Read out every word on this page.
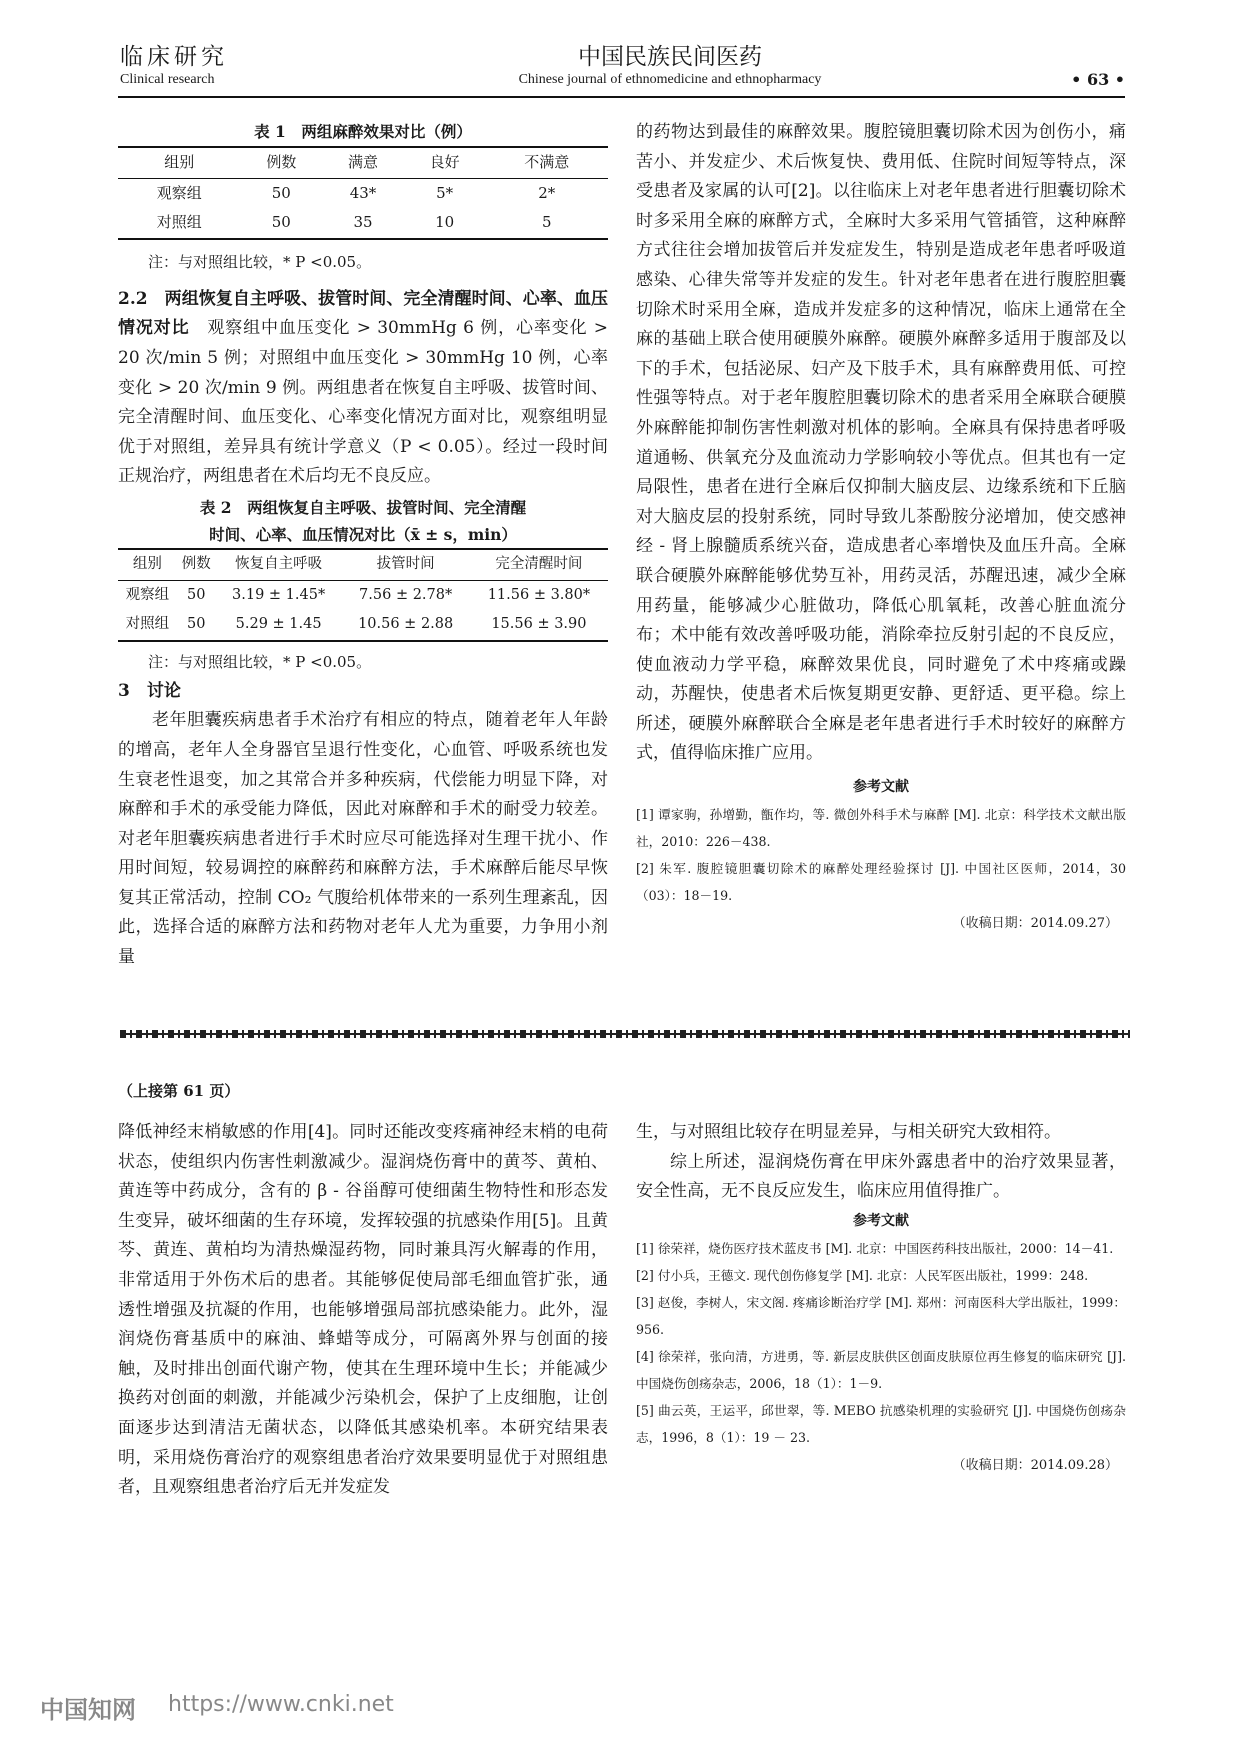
临床研究
Clinical research
中国民族民间医药
Chinese journal of ethnomedicine and ethnopharmacy	• 63 •
表 1　两组麻醉效果对比（例）
组别	例数	满意	良好	不满意
观察组	50	43*	5*	2*
对照组	50	35	10	5
注：与对照组比较，* P <0.05。

2.2　两组恢复自主呼吸、拔管时间、完全清醒时间、心率、血压情况对比　观察组中血压变化 > 30mmHg 6 例，心率变化 > 20 次/min 5 例；对照组中血压变化 > 30mmHg 10 例，心率变化 > 20 次/min 9 例。两组患者在恢复自主呼吸、拔管时间、完全清醒时间、血压变化、心率变化情况方面对比，观察组明显优于对照组，差异具有统计学意义（P < 0.05）。经过一段时间正规治疗，两组患者在术后均无不良反应。

表 2　两组恢复自主呼吸、拔管时间、完全清醒
时间、心率、血压情况对比（x̄ ± s，min）
组别	例数	恢复自主呼吸	拔管时间	完全清醒时间
观察组	50	3.19 ± 1.45*	7.56 ± 2.78*	11.56 ± 3.80*
对照组	50	5.29 ± 1.45	10.56 ± 2.88	15.56 ± 3.90
注：与对照组比较，* P <0.05。

3　讨论

老年胆囊疾病患者手术治疗有相应的特点，随着老年人年龄的增高，老年人全身器官呈退行性变化，心血管、呼吸系统也发生衰老性退变，加之其常合并多种疾病，代偿能力明显下降，对麻醉和手术的承受能力降低，因此对麻醉和手术的耐受力较差。对老年胆囊疾病患者进行手术时应尽可能选择对生理干扰小、作用时间短，较易调控的麻醉药和麻醉方法，手术麻醉后能尽早恢复其正常活动，控制 CO₂ 气腹给机体带来的一系列生理紊乱，因此，选择合适的麻醉方法和药物对老年人尤为重要，力争用小剂量

的药物达到最佳的麻醉效果。腹腔镜胆囊切除术因为创伤小，痛苦小、并发症少、术后恢复快、费用低、住院时间短等特点，深受患者及家属的认可[2]。以往临床上对老年患者进行胆囊切除术时多采用全麻的麻醉方式，全麻时大多采用气管插管，这种麻醉方式往往会增加拔管后并发症发生，特别是造成老年患者呼吸道感染、心律失常等并发症的发生。针对老年患者在进行腹腔胆囊切除术时采用全麻，造成并发症多的这种情况，临床上通常在全麻的基础上联合使用硬膜外麻醉。硬膜外麻醉多适用于腹部及以下的手术，包括泌尿、妇产及下肢手术，具有麻醉费用低、可控性强等特点。对于老年腹腔胆囊切除术的患者采用全麻联合硬膜外麻醉能抑制伤害性刺激对机体的影响。全麻具有保持患者呼吸道通畅、供氧充分及血流动力学影响较小等优点。但其也有一定局限性，患者在进行全麻后仅抑制大脑皮层、边缘系统和下丘脑对大脑皮层的投射系统，同时导致儿茶酚胺分泌增加，使交感神经 - 肾上腺髓质系统兴奋，造成患者心率增快及血压升高。全麻联合硬膜外麻醉能够优势互补，用药灵活，苏醒迅速，减少全麻用药量，能够减少心脏做功，降低心肌氧耗，改善心脏血流分布；术中能有效改善呼吸功能，消除牵拉反射引起的不良反应，使血液动力学平稳，麻醉效果优良，同时避免了术中疼痛或躁动，苏醒快，使患者术后恢复期更安静、更舒适、更平稳。综上所述，硬膜外麻醉联合全麻是老年患者进行手术时较好的麻醉方式，值得临床推广应用。

参考文献

[1] 谭家驹，孙增勤，甑作均，等. 微创外科手术与麻醉 [M]. 北京：科学技术文献出版社，2010：226－438.

[2] 朱军. 腹腔镜胆囊切除术的麻醉处理经验探讨 [J]. 中国社区医师，2014，30（03）：18－19.

（收稿日期：2014.09.27）
（上接第 61 页）

降低神经末梢敏感的作用[4]。同时还能改变疼痛神经末梢的电荷状态，使组织内伤害性刺激减少。湿润烧伤膏中的黄芩、黄柏、黄连等中药成分，含有的 β - 谷甾醇可使细菌生物特性和形态发生变异，破坏细菌的生存环境，发挥较强的抗感染作用[5]。且黄芩、黄连、黄柏均为清热燥湿药物，同时兼具泻火解毒的作用，非常适用于外伤术后的患者。其能够促使局部毛细血管扩张，通透性增强及抗凝的作用，也能够增强局部抗感染能力。此外，湿润烧伤膏基质中的麻油、蜂蜡等成分，可隔离外界与创面的接触，及时排出创面代谢产物，使其在生理环境中生长；并能减少换药对创面的刺激，并能减少污染机会，保护了上皮细胞，让创面逐步达到清洁无菌状态，以降低其感染机率。本研究结果表明，采用烧伤膏治疗的观察组患者治疗效果要明显优于对照组患者，且观察组患者治疗后无并发症发

生，与对照组比较存在明显差异，与相关研究大致相符。

综上所述，湿润烧伤膏在甲床外露患者中的治疗效果显著，安全性高，无不良反应发生，临床应用值得推广。

参考文献

[1] 徐荣祥，烧伤医疗技术蓝皮书 [M]. 北京：中国医药科技出版社，2000：14－41.

[2] 付小兵，王德文. 现代创伤修复学 [M]. 北京：人民军医出版社，1999：248.

[3] 赵俊，李树人，宋文阁. 疼痛诊断治疗学 [M]. 郑州：河南医科大学出版社，1999：956.

[4] 徐荣祥，张向清，方进勇，等. 新层皮肤供区创面皮肤原位再生修复的临床研究 [J]. 中国烧伤创疡杂志，2006，18（1）：1－9.

[5] 曲云英，王运平，邱世翠，等. MEBO 抗感染机理的实验研究 [J]. 中国烧伤创疡杂志，1996，8（1）：19 － 23.

（收稿日期：2014.09.28）
中国知网 https://www.cnki.net
